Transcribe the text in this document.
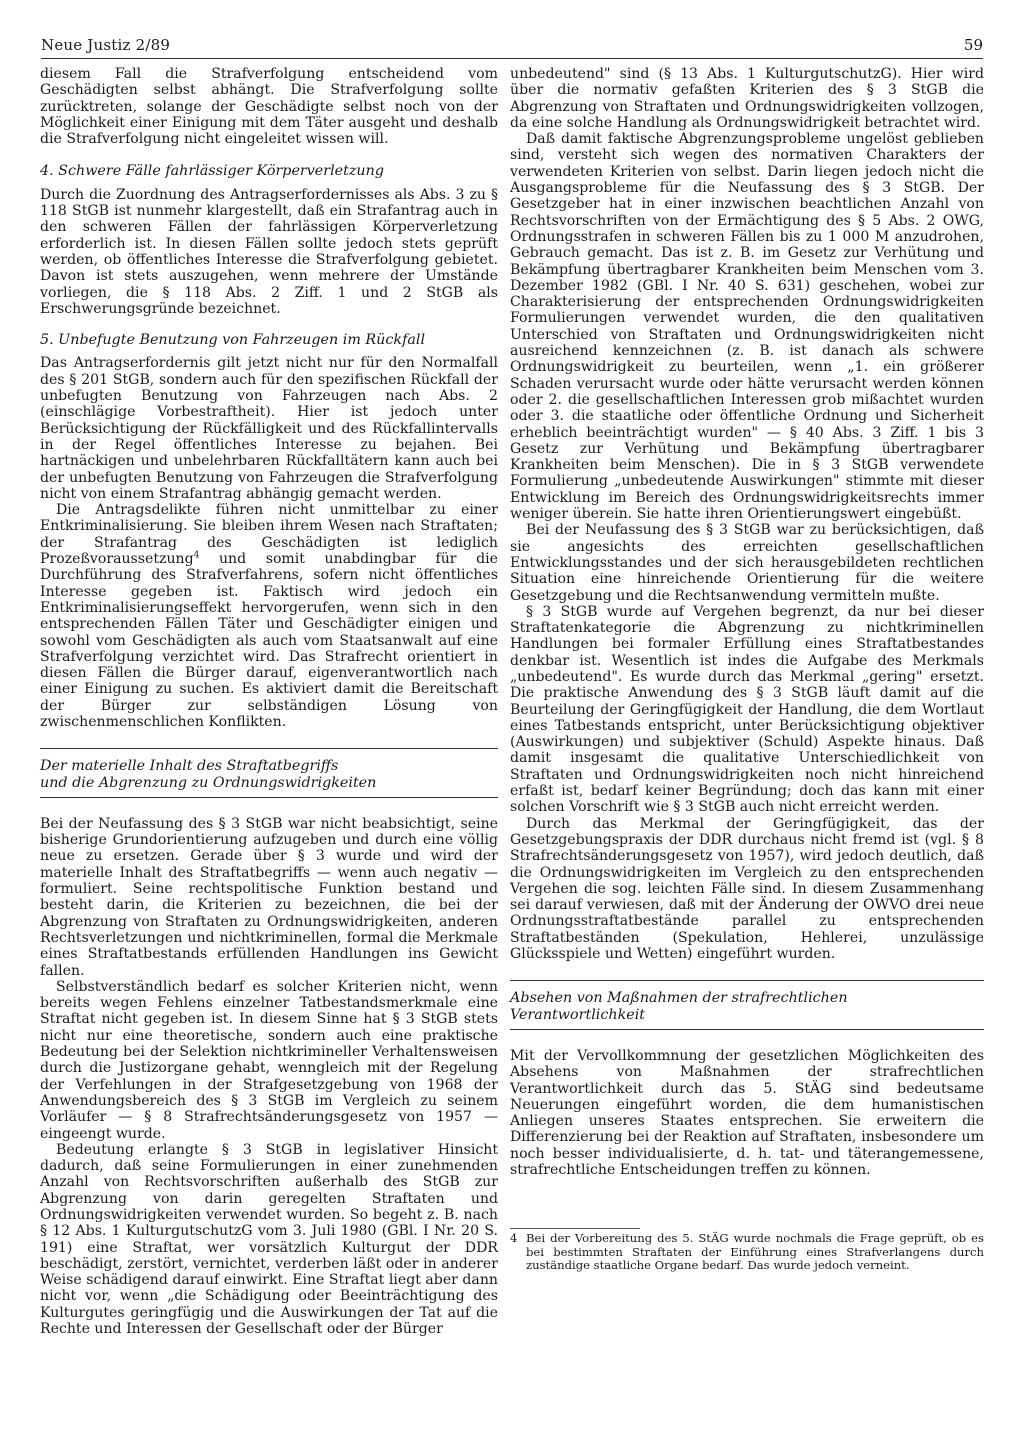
Neue Justiz 2/89	59

diesem Fall die Strafverfolgung entscheidend vom Geschädigten selbst abhängt. Die Strafverfolgung sollte zurücktreten, solange der Geschädigte selbst noch von der Möglichkeit einer Einigung mit dem Täter ausgeht und deshalb die Strafverfolgung nicht eingeleitet wissen will.

4. Schwere Fälle fahrlässiger Körperverletzung

Durch die Zuordnung des Antragserfordernisses als Abs. 3 zu § 118 StGB ist nunmehr klargestellt, daß ein Strafantrag auch in den schweren Fällen der fahrlässigen Körperverletzung erforderlich ist. In diesen Fällen sollte jedoch stets geprüft werden, ob öffentliches Interesse die Strafverfolgung gebietet. Davon ist stets auszugehen, wenn mehrere der Umstände vorliegen, die § 118 Abs. 2 Ziff. 1 und 2 StGB als Erschwerungsgründe bezeichnet.

5. Unbefugte Benutzung von Fahrzeugen im Rückfall

Das Antragserfordernis gilt jetzt nicht nur für den Normalfall des § 201 StGB, sondern auch für den spezifischen Rückfall der unbefugten Benutzung von Fahrzeugen nach Abs. 2 (einschlägige Vorbestraftheit). Hier ist jedoch unter Berücksichtigung der Rückfälligkeit und des Rückfallintervalls in der Regel öffentliches Interesse zu bejahen. Bei hartnäckigen und unbelehrbaren Rückfalltätern kann auch bei der unbefugten Benutzung von Fahrzeugen die Strafverfolgung nicht von einem Strafantrag abhängig gemacht werden.

Die Antragsdelikte führen nicht unmittelbar zu einer Entkriminalisierung. Sie bleiben ihrem Wesen nach Straftaten; der Strafantrag des Geschädigten ist lediglich Prozeßvoraussetzung$^4$ und somit unabdingbar für die Durchführung des Strafverfahrens, sofern nicht öffentliches Interesse gegeben ist. Faktisch wird jedoch ein Entkriminalisierungseffekt hervorgerufen, wenn sich in den entsprechenden Fällen Täter und Geschädigter einigen und sowohl vom Geschädigten als auch vom Staatsanwalt auf eine Strafverfolgung verzichtet wird. Das Strafrecht orientiert in diesen Fällen die Bürger darauf, eigenverantwortlich nach einer Einigung zu suchen. Es aktiviert damit die Bereitschaft der Bürger zur selbständigen Lösung von zwischenmenschlichen Konflikten.

Der materielle Inhalt des Straftatbegriffs
und die Abgrenzung zu Ordnungswidrigkeiten

Bei der Neufassung des § 3 StGB war nicht beabsichtigt, seine bisherige Grundorientierung aufzugeben und durch eine völlig neue zu ersetzen. Gerade über § 3 wurde und wird der materielle Inhalt des Straftatbegriffs — wenn auch negativ — formuliert. Seine rechtspolitische Funktion bestand und besteht darin, die Kriterien zu bezeichnen, die bei der Abgrenzung von Straftaten zu Ordnungswidrigkeiten, anderen Rechtsverletzungen und nichtkriminellen, formal die Merkmale eines Straftatbestands erfüllenden Handlungen ins Gewicht fallen.

Selbstverständlich bedarf es solcher Kriterien nicht, wenn bereits wegen Fehlens einzelner Tatbestandsmerkmale eine Straftat nicht gegeben ist. In diesem Sinne hat § 3 StGB stets nicht nur eine theoretische, sondern auch eine praktische Bedeutung bei der Selektion nichtkrimineller Verhaltensweisen durch die Justizorgane gehabt, wenngleich mit der Regelung der Verfehlungen in der Strafgesetzgebung von 1968 der Anwendungsbereich des § 3 StGB im Vergleich zu seinem Vorläufer — § 8 Strafrechtsänderungsgesetz von 1957 — eingeengt wurde.

Bedeutung erlangte § 3 StGB in legislativer Hinsicht dadurch, daß seine Formulierungen in einer zunehmenden Anzahl von Rechtsvorschriften außerhalb des StGB zur Abgrenzung von darin geregelten Straftaten und Ordnungswidrigkeiten verwendet wurden. So begeht z. B. nach § 12 Abs. 1 KulturgutschutzG vom 3. Juli 1980 (GBl. I Nr. 20 S. 191) eine Straftat, wer vorsätzlich Kulturgut der DDR beschädigt, zerstört, vernichtet, verderben läßt oder in anderer Weise schädigend darauf einwirkt. Eine Straftat liegt aber dann nicht vor, wenn „die Schädigung oder Beeinträchtigung des Kulturgutes geringfügig und die Auswirkungen der Tat auf die Rechte und Interessen der Gesellschaft oder der Bürger

unbedeutend" sind (§ 13 Abs. 1 KulturgutschutzG). Hier wird über die normativ gefaßten Kriterien des § 3 StGB die Abgrenzung von Straftaten und Ordnungswidrigkeiten vollzogen, da eine solche Handlung als Ordnungswidrigkeit betrachtet wird.

Daß damit faktische Abgrenzungsprobleme ungelöst geblieben sind, versteht sich wegen des normativen Charakters der verwendeten Kriterien von selbst. Darin liegen jedoch nicht die Ausgangsprobleme für die Neufassung des § 3 StGB. Der Gesetzgeber hat in einer inzwischen beachtlichen Anzahl von Rechtsvorschriften von der Ermächtigung des § 5 Abs. 2 OWG, Ordnungsstrafen in schweren Fällen bis zu 1 000 M anzudrohen, Gebrauch gemacht. Das ist z. B. im Gesetz zur Verhütung und Bekämpfung übertragbarer Krankheiten beim Menschen vom 3. Dezember 1982 (GBl. I Nr. 40 S. 631) geschehen, wobei zur Charakterisierung der entsprechenden Ordnungswidrigkeiten Formulierungen verwendet wurden, die den qualitativen Unterschied von Straftaten und Ordnungswidrigkeiten nicht ausreichend kennzeichnen (z. B. ist danach als schwere Ordnungswidrigkeit zu beurteilen, wenn „1. ein größerer Schaden verursacht wurde oder hätte verursacht werden können oder 2. die gesellschaftlichen Interessen grob mißachtet wurden oder 3. die staatliche oder öffentliche Ordnung und Sicherheit erheblich beeinträchtigt wurden" — § 40 Abs. 3 Ziff. 1 bis 3 Gesetz zur Verhütung und Bekämpfung übertragbarer Krankheiten beim Menschen). Die in § 3 StGB verwendete Formulierung „unbedeutende Auswirkungen" stimmte mit dieser Entwicklung im Bereich des Ordnungswidrigkeitsrechts immer weniger überein. Sie hatte ihren Orientierungswert eingebüßt.

Bei der Neufassung des § 3 StGB war zu berücksichtigen, daß sie angesichts des erreichten gesellschaftlichen Entwicklungsstandes und der sich herausgebildeten rechtlichen Situation eine hinreichende Orientierung für die weitere Gesetzgebung und die Rechtsanwendung vermitteln mußte.

§ 3 StGB wurde auf Vergehen begrenzt, da nur bei dieser Straftatenkategorie die Abgrenzung zu nichtkriminellen Handlungen bei formaler Erfüllung eines Straftatbestandes denkbar ist. Wesentlich ist indes die Aufgabe des Merkmals „unbedeutend". Es wurde durch das Merkmal „gering" ersetzt. Die praktische Anwendung des § 3 StGB läuft damit auf die Beurteilung der Geringfügigkeit der Handlung, die dem Wortlaut eines Tatbestands entspricht, unter Berücksichtigung objektiver (Auswirkungen) und subjektiver (Schuld) Aspekte hinaus. Daß damit insgesamt die qualitative Unterschiedlichkeit von Straftaten und Ordnungswidrigkeiten noch nicht hinreichend erfaßt ist, bedarf keiner Begründung; doch das kann mit einer solchen Vorschrift wie § 3 StGB auch nicht erreicht werden.

Durch das Merkmal der Geringfügigkeit, das der Gesetzgebungspraxis der DDR durchaus nicht fremd ist (vgl. § 8 Strafrechtsänderungsgesetz von 1957), wird jedoch deutlich, daß die Ordnungswidrigkeiten im Vergleich zu den entsprechenden Vergehen die sog. leichten Fälle sind. In diesem Zusammenhang sei darauf verwiesen, daß mit der Änderung der OWVO drei neue Ordnungsstraftatbestände parallel zu entsprechenden Straftatbeständen (Spekulation, Hehlerei, unzulässige Glücksspiele und Wetten) eingeführt wurden.

Absehen von Maßnahmen der strafrechtlichen
Verantwortlichkeit

Mit der Vervollkommnung der gesetzlichen Möglichkeiten des Absehens von Maßnahmen der strafrechtlichen Verantwortlichkeit durch das 5. StÄG sind bedeutsame Neuerungen eingeführt worden, die dem humanistischen Anliegen unseres Staates entsprechen. Sie erweitern die Differenzierung bei der Reaktion auf Straftaten, insbesondere um noch besser individualisierte, d. h. tat- und täterangemessene, strafrechtliche Entscheidungen treffen zu können.

4 Bei der Vorbereitung des 5. StÄG wurde nochmals die Frage geprüft, ob es bei bestimmten Straftaten der Einführung eines Strafverlangens durch zuständige staatliche Organe bedarf. Das wurde jedoch verneint.
